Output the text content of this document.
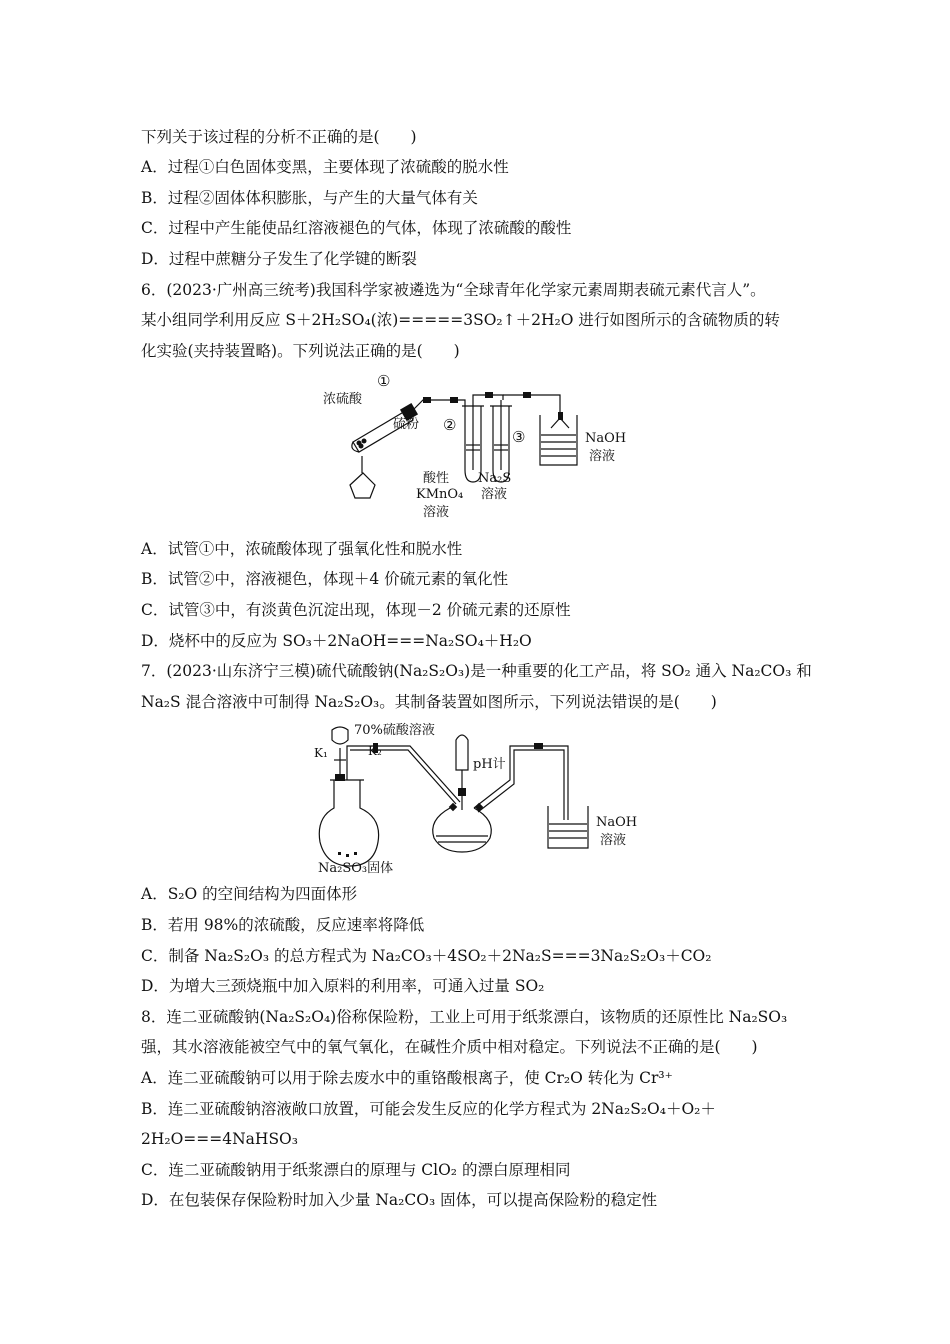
下列关于该过程的分析不正确的是(　　)
A．过程①白色固体变黑，主要体现了浓硫酸的脱水性
B．过程②固体体积膨胀，与产生的大量气体有关
C．过程中产生能使品红溶液褪色的气体，体现了浓硫酸的酸性
D．过程中蔗糖分子发生了化学键的断裂
6．(2023·广州高三统考)我国科学家被遴选为“全球青年化学家元素周期表硫元素代言人”。
某小组同学利用反应 S＋2H₂SO₄(浓)=====3SO₂↑＋2H₂O 进行如图所示的含硫物质的转
化实验(夹持装置略)。下列说法正确的是(　　)
浓硫酸
硫粉
①
②
③
酸性
KMnO₄
溶液
Na₂S
溶液
NaOH
溶液
A．试管①中，浓硫酸体现了强氧化性和脱水性
B．试管②中，溶液褪色，体现＋4 价硫元素的氧化性
C．试管③中，有淡黄色沉淀出现，体现－2 价硫元素的还原性
D．烧杯中的反应为 SO₃＋2NaOH===Na₂SO₄＋H₂O
7．(2023·山东济宁三模)硫代硫酸钠(Na₂S₂O₃)是一种重要的化工产品，将 SO₂ 通入 Na₂CO₃ 和
Na₂S 混合溶液中可制得 Na₂S₂O₃。其制备装置如图所示，下列说法错误的是(　　)
70%硫酸溶液
K₁	K₂
pH计
Na₂SO₃固体
NaOH
溶液
A．S₂O 的空间结构为四面体形
B．若用 98%的浓硫酸，反应速率将降低
C．制备 Na₂S₂O₃ 的总方程式为 Na₂CO₃＋4SO₂＋2Na₂S===3Na₂S₂O₃＋CO₂
D．为增大三颈烧瓶中加入原料的利用率，可通入过量 SO₂
8．连二亚硫酸钠(Na₂S₂O₄)俗称保险粉，工业上可用于纸浆漂白，该物质的还原性比 Na₂SO₃
强，其水溶液能被空气中的氧气氧化，在碱性介质中相对稳定。下列说法不正确的是(　　)
A．连二亚硫酸钠可以用于除去废水中的重铬酸根离子，使 Cr₂O 转化为 Cr³⁺
B．连二亚硫酸钠溶液敞口放置，可能会发生反应的化学方程式为 2Na₂S₂O₄＋O₂＋
2H₂O===4NaHSO₃
C．连二亚硫酸钠用于纸浆漂白的原理与 ClO₂ 的漂白原理相同
D．在包装保存保险粉时加入少量 Na₂CO₃ 固体，可以提高保险粉的稳定性
